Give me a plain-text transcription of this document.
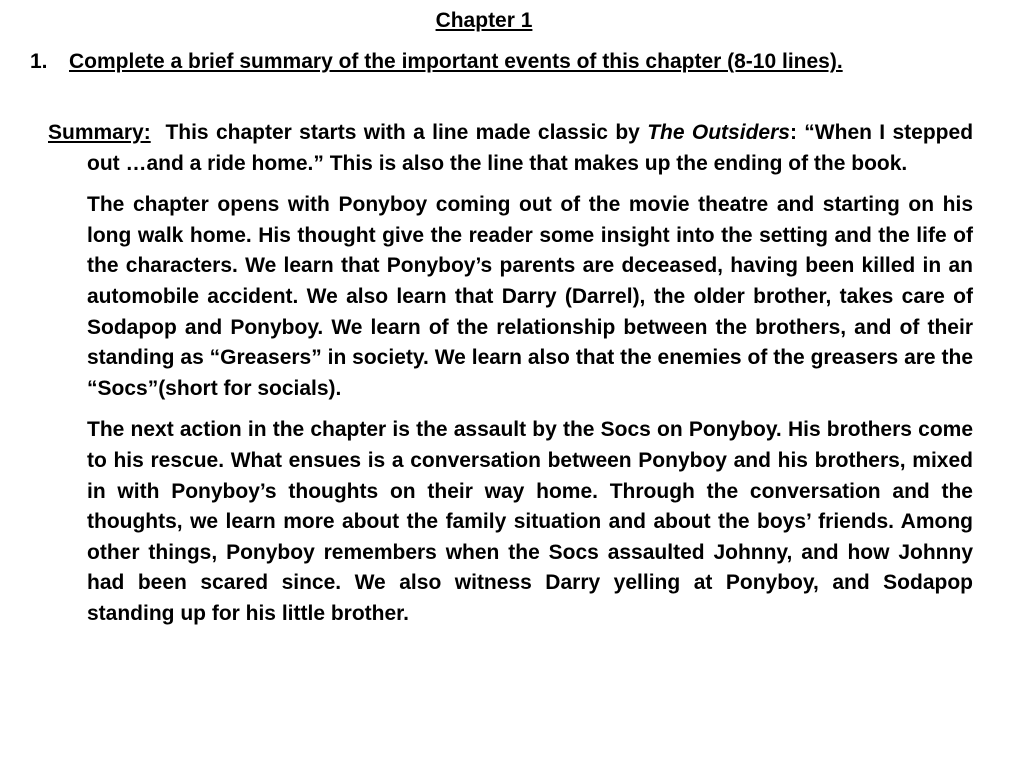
Chapter 1
1. Complete a brief summary of the important events of this chapter (8-10 lines).

Summary: This chapter starts with a line made classic by The Outsiders: “When I stepped out …and a ride home.” This is also the line that makes up the ending of the book.

The chapter opens with Ponyboy coming out of the movie theatre and starting on his long walk home. His thought give the reader some insight into the setting and the life of the characters. We learn that Ponyboy’s parents are deceased, having been killed in an automobile accident. We also learn that Darry (Darrel), the older brother, takes care of Sodapop and Ponyboy. We learn of the relationship between the brothers, and of their standing as “Greasers” in society. We learn also that the enemies of the greasers are the “Socs”(short for socials).

The next action in the chapter is the assault by the Socs on Ponyboy. His brothers come to his rescue. What ensues is a conversation between Ponyboy and his brothers, mixed in with Ponyboy’s thoughts on their way home. Through the conversation and the thoughts, we learn more about the family situation and about the boys’ friends. Among other things, Ponyboy remembers when the Socs assaulted Johnny, and how Johnny had been scared since. We also witness Darry yelling at Ponyboy, and Sodapop standing up for his little brother.
